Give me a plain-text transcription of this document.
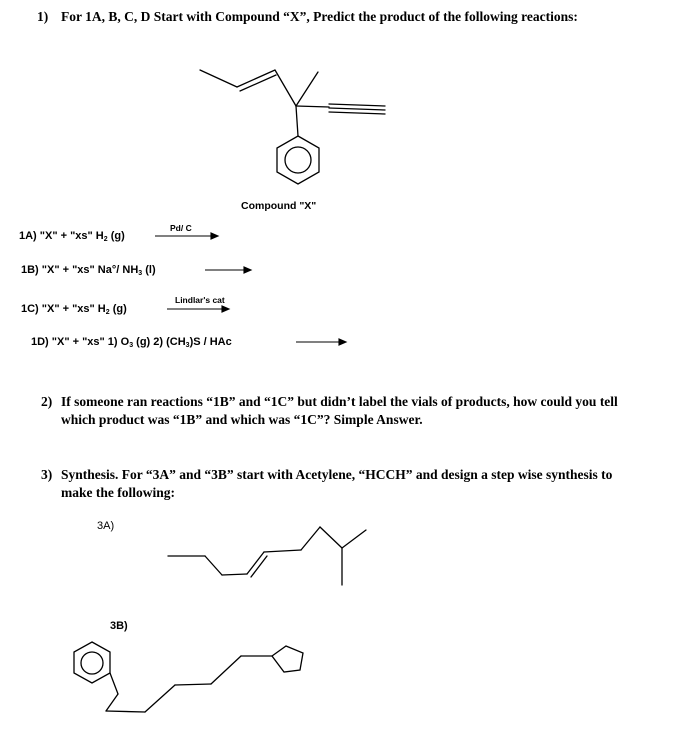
1) For 1A, B, C, D Start with Compound “X”, Predict the product of the following reactions:
Compound "X"
Pd/ C
1A) "X" + "xs" $H_2$ (g)
1B) "X" + "xs" Na°/ $NH_3$ (l)
Lindlar's cat
1C) "X" + "xs" $H_2$ (g)
1D) "X" + "xs" 1) $O_3$ (g) 2) $(CH_3)S$ / HAc
2) If someone ran reactions “1B” and “1C” but didn’t label the vials of products, how could you tell
which product was “1B” and which was “1C”? Simple Answer.
3) Synthesis. For “3A” and “3B” start with Acetylene, “HCCH” and design a step wise synthesis to
make the following:
3A)
3B)
